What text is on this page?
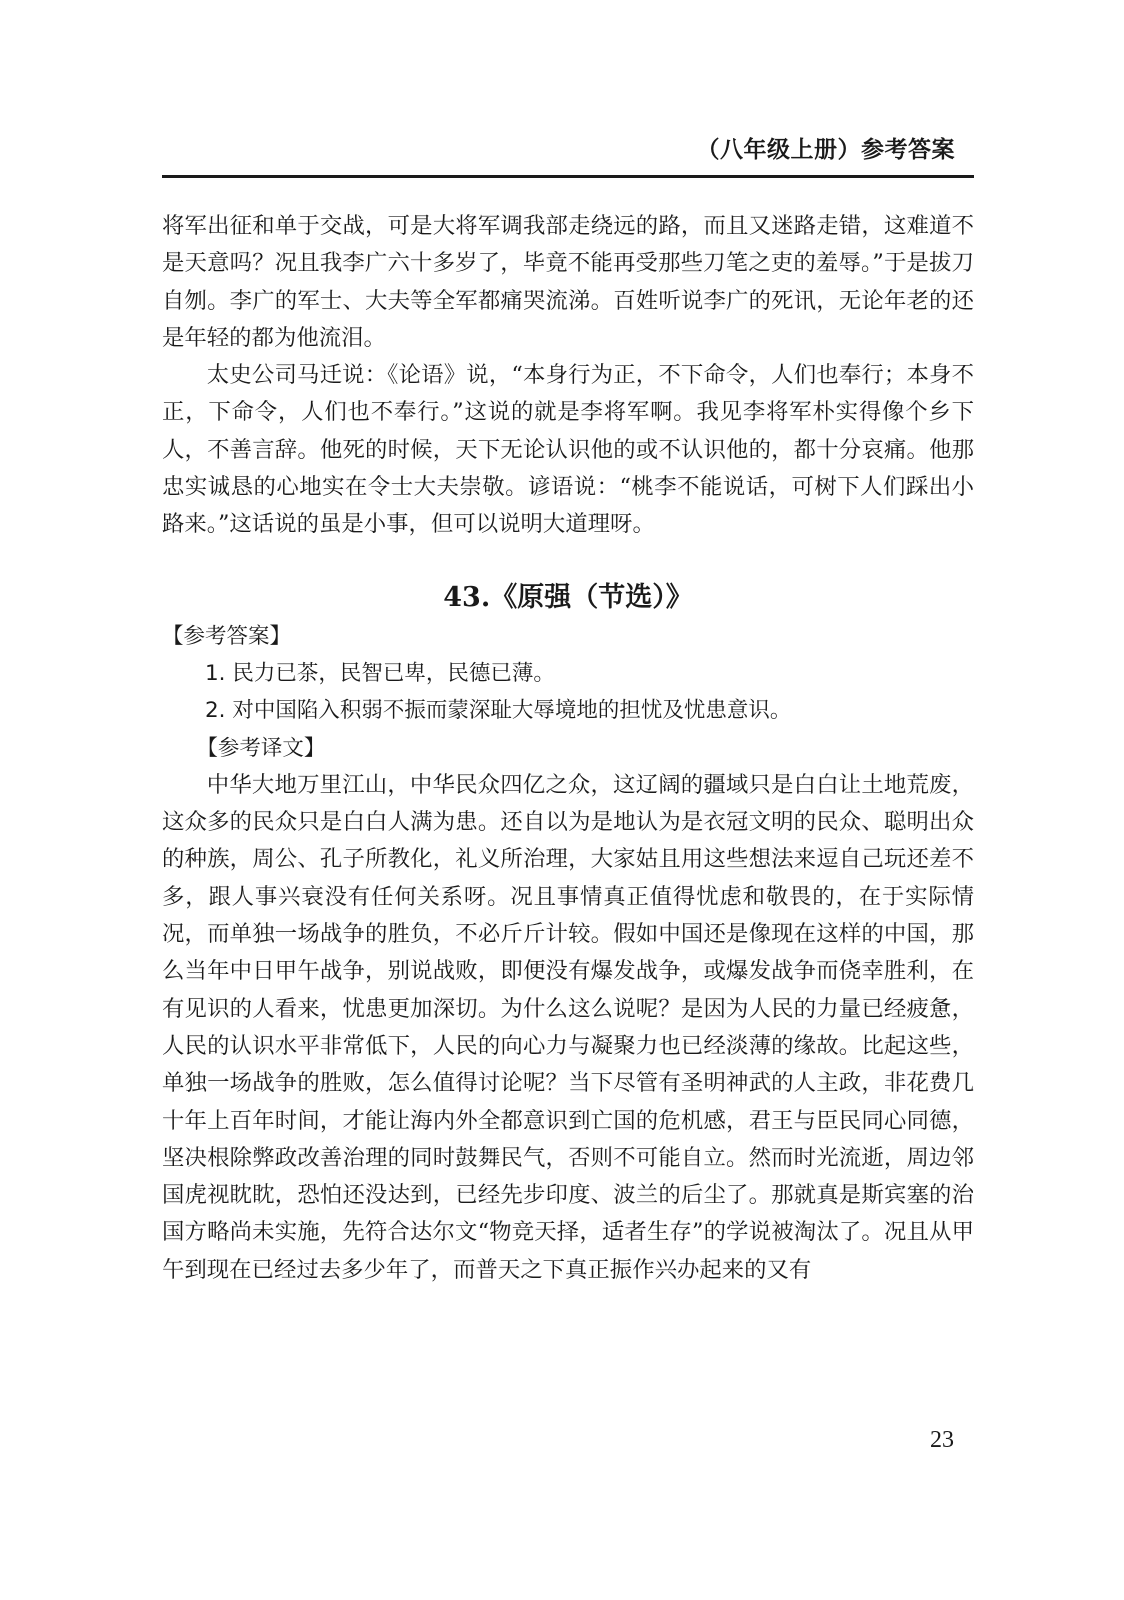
（八年级上册）参考答案

将军出征和单于交战，可是大将军调我部走绕远的路，而且又迷路走错，这难道不是天意吗？况且我李广六十多岁了，毕竟不能再受那些刀笔之吏的羞辱。”于是拔刀自刎。李广的军士、大夫等全军都痛哭流涕。百姓听说李广的死讯，无论年老的还是年轻的都为他流泪。

太史公司马迁说：《论语》说，“本身行为正，不下命令，人们也奉行；本身不正，下命令，人们也不奉行。”这说的就是李将军啊。我见李将军朴实得像个乡下人，不善言辞。他死的时候，天下无论认识他的或不认识他的，都十分哀痛。他那忠实诚恳的心地实在令士大夫崇敬。谚语说：“桃李不能说话，可树下人们踩出小路来。”这话说的虽是小事，但可以说明大道理呀。

43.《原强（节选）》

【参考答案】

1. 民力已茶，民智已卑，民德已薄。

2. 对中国陷入积弱不振而蒙深耻大辱境地的担忧及忧患意识。

【参考译文】

中华大地万里江山，中华民众四亿之众，这辽阔的疆域只是白白让土地荒废，这众多的民众只是白白人满为患。还自以为是地认为是衣冠文明的民众、聪明出众的种族，周公、孔子所教化，礼义所治理，大家姑且用这些想法来逗自己玩还差不多，跟人事兴衰没有任何关系呀。况且事情真正值得忧虑和敬畏的，在于实际情况，而单独一场战争的胜负，不必斤斤计较。假如中国还是像现在这样的中国，那么当年中日甲午战争，别说战败，即便没有爆发战争，或爆发战争而侥幸胜利，在有见识的人看来，忧患更加深切。为什么这么说呢？是因为人民的力量已经疲惫，人民的认识水平非常低下，人民的向心力与凝聚力也已经淡薄的缘故。比起这些，单独一场战争的胜败，怎么值得讨论呢？当下尽管有圣明神武的人主政，非花费几十年上百年时间，才能让海内外全都意识到亡国的危机感，君王与臣民同心同德，坚决根除弊政改善治理的同时鼓舞民气，否则不可能自立。然而时光流逝，周边邻国虎视眈眈，恐怕还没达到，已经先步印度、波兰的后尘了。那就真是斯宾塞的治国方略尚未实施，先符合达尔文“物竞天择，适者生存”的学说被淘汰了。况且从甲午到现在已经过去多少年了，而普天之下真正振作兴办起来的又有

23
